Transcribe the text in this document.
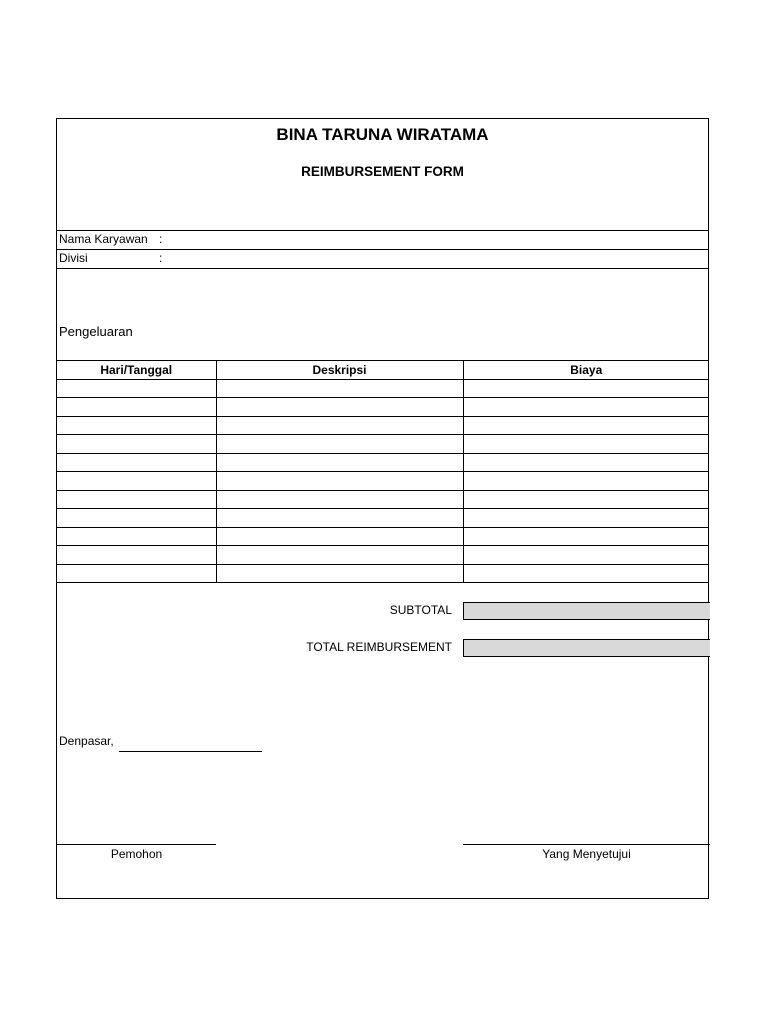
BINA TARUNA WIRATAMA
REIMBURSEMENT FORM
Nama Karyawan :
Divisi	:
Pengeluaran
Hari/Tanggal	Deskripsi	Biaya

SUBTOTAL
TOTAL REIMBURSEMENT
Denpasar,
Pemohon	Yang Menyetujui
